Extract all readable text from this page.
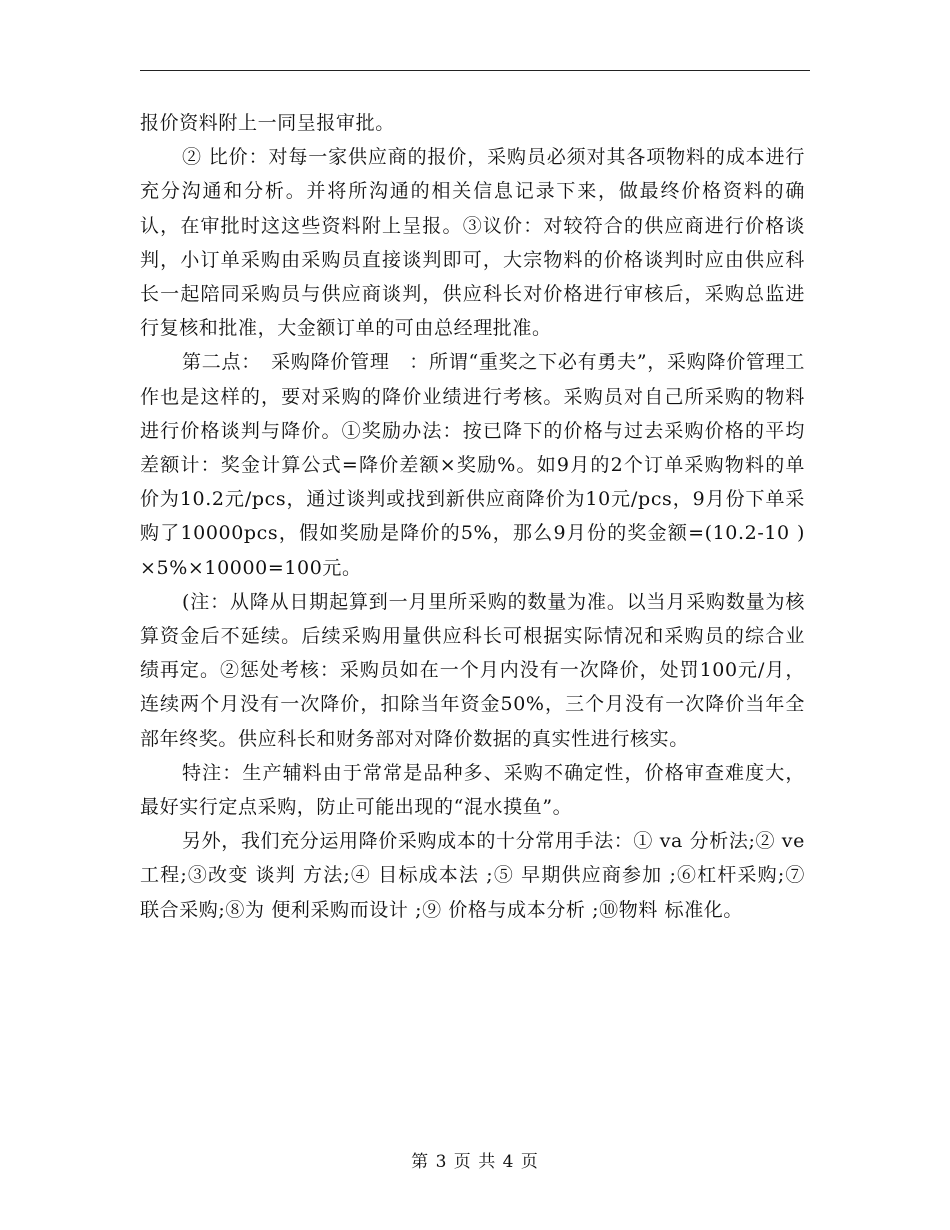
报价资料附上一同呈报审批。

② 比价：对每一家供应商的报价，采购员必须对其各项物料的成本进行充分沟通和分析。并将所沟通的相关信息记录下来，做最终价格资料的确认，在审批时这这些资料附上呈报。③议价：对较符合的供应商进行价格谈判，小订单采购由采购员直接谈判即可，大宗物料的价格谈判时应由供应科长一起陪同采购员与供应商谈判，供应科长对价格进行审核后，采购总监进行复核和批准，大金额订单的可由总经理批准。

第二点：　采购降价管理　：所谓“重奖之下必有勇夫”，采购降价管理工作也是这样的，要对采购的降价业绩进行考核。采购员对自己所采购的物料进行价格谈判与降价。①奖励办法：按已降下的价格与过去采购价格的平均差额计：奖金计算公式=降价差额×奖励%。如9月的2个订单采购物料的单价为10.2元/pcs，通过谈判或找到新供应商降价为10元/pcs，9月份下单采购了10000pcs，假如奖励是降价的5%，那么9月份的奖金额=(10.2-10 ) ×5%×10000=100元。

(注：从降从日期起算到一月里所采购的数量为准。以当月采购数量为核算资金后不延续。后续采购用量供应科长可根据实际情况和采购员的综合业绩再定。②惩处考核：采购员如在一个月内没有一次降价，处罚100元/月，连续两个月没有一次降价，扣除当年资金50%，三个月没有一次降价当年全部年终奖。供应科长和财务部对对降价数据的真实性进行核实。

特注：生产辅料由于常常是品种多、采购不确定性，价格审查难度大，最好实行定点采购，防止可能出现的“混水摸鱼”。

另外，我们充分运用降价采购成本的十分常用手法：① va 分析法;② ve 工程;③改变 谈判 方法;④ 目标成本法 ;⑤ 早期供应商参加 ;⑥杠杆采购;⑦ 联合采购;⑧为 便利采购而设计 ;⑨ 价格与成本分析 ;⑩物料 标准化。

第 3 页 共 4 页
